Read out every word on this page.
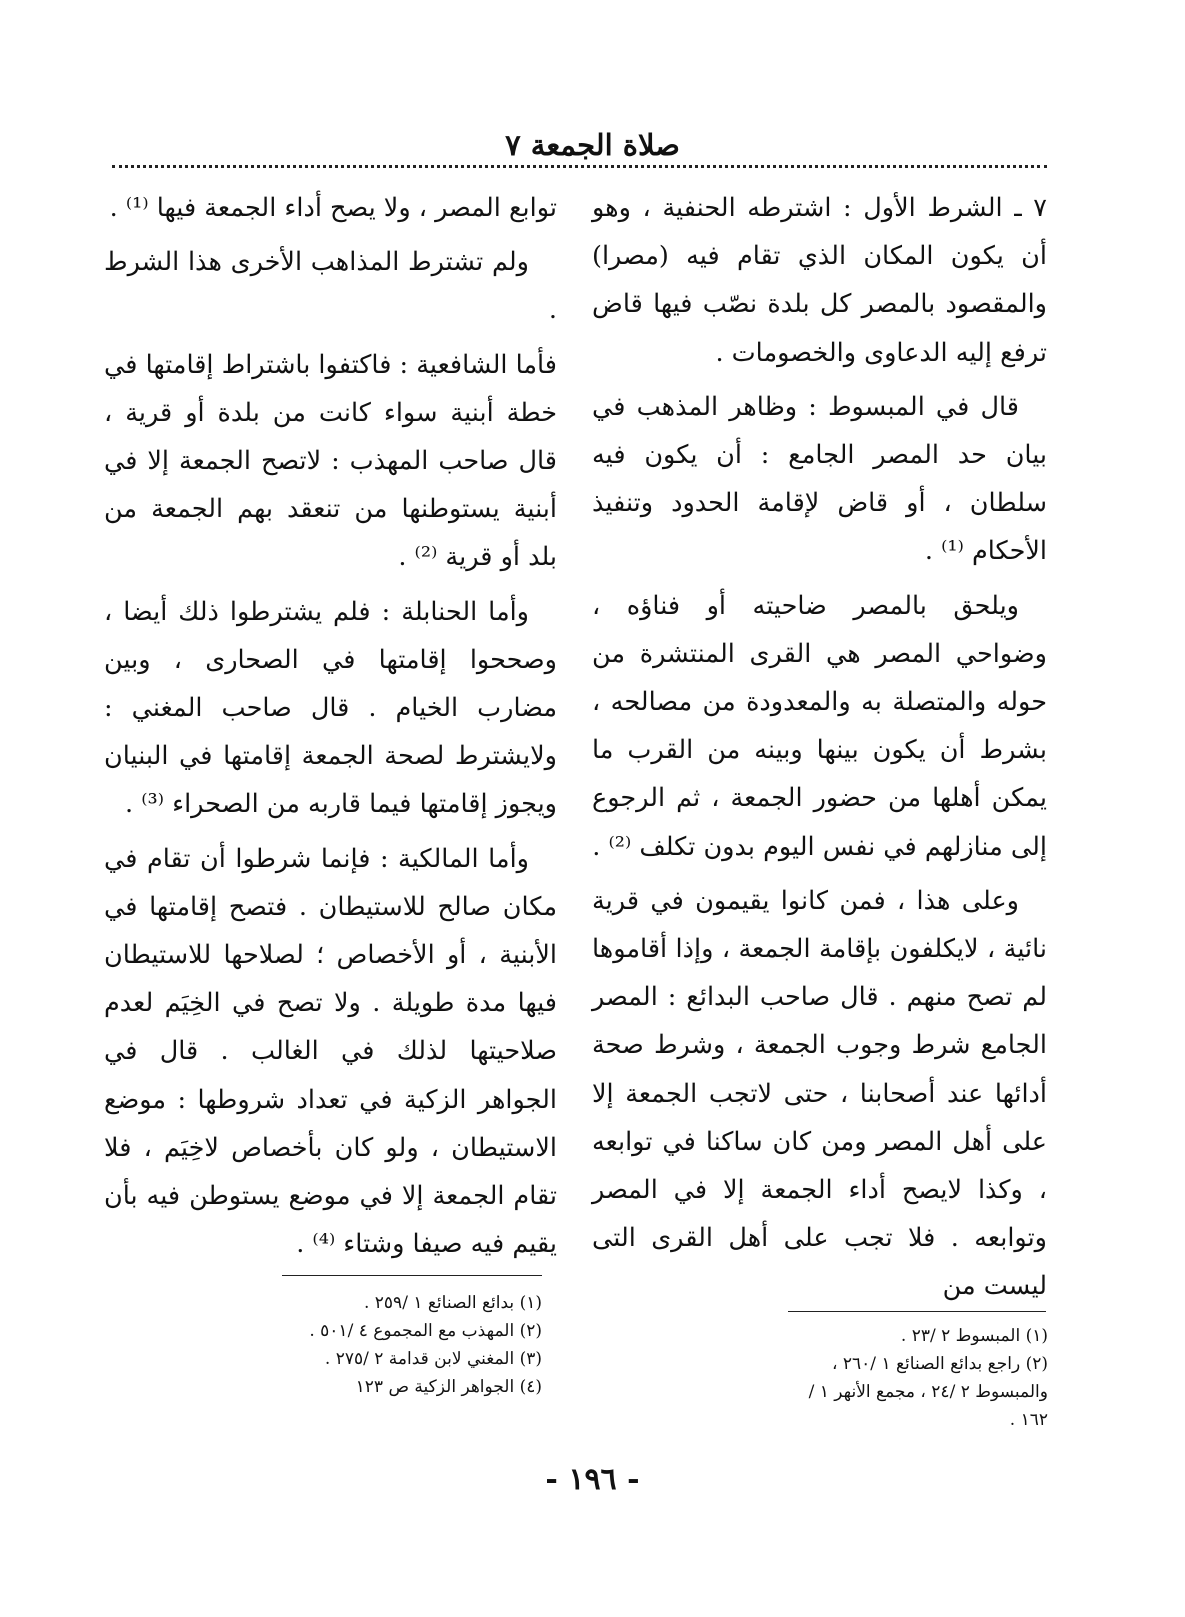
صلاة الجمعة ٧

٧ ـ الشرط الأول : اشترطه الحنفية ، وهو أن يكون المكان الذي تقام فيه (مصرا) والمقصود بالمصر كل بلدة نصّب فيها قاض ترفع إليه الدعاوى والخصومات .

قال في المبسوط : وظاهر المذهب في بيان حد المصر الجامع : أن يكون فيه سلطان ، أو قاض لإقامة الحدود وتنفيذ الأحكام ⁽¹⁾ .

ويلحق بالمصر ضاحيته أو فناؤه ، وضواحي المصر هي القرى المنتشرة من حوله والمتصلة به والمعدودة من مصالحه ، بشرط أن يكون بينها وبينه من القرب ما يمكن أهلها من حضور الجمعة ، ثم الرجوع إلى منازلهم في نفس اليوم بدون تكلف ⁽²⁾ .

وعلى هذا ، فمن كانوا يقيمون في قرية نائية ، لايكلفون بإقامة الجمعة ، وإذا أقاموها لم تصح منهم . قال صاحب البدائع : المصر الجامع شرط وجوب الجمعة ، وشرط صحة أدائها عند أصحابنا ، حتى لاتجب الجمعة إلا على أهل المصر ومن كان ساكنا في توابعه ، وكذا لايصح أداء الجمعة إلا في المصر وتوابعه . فلا تجب على أهل القرى التى ليست من

توابع المصر ، ولا يصح أداء الجمعة فيها ⁽¹⁾ .

ولم تشترط المذاهب الأخرى هذا الشرط .

فأما الشافعية : فاكتفوا باشتراط إقامتها في خطة أبنية سواء كانت من بلدة أو قرية ، قال صاحب المهذب : لاتصح الجمعة إلا في أبنية يستوطنها من تنعقد بهم الجمعة من بلد أو قرية ⁽²⁾ .

وأما الحنابلة : فلم يشترطوا ذلك أيضا ، وصححوا إقامتها في الصحارى ، وبين مضارب الخيام . قال صاحب المغني : ولايشترط لصحة الجمعة إقامتها في البنيان ويجوز إقامتها فيما قاربه من الصحراء ⁽³⁾ .

وأما المالكية : فإنما شرطوا أن تقام في مكان صالح للاستيطان . فتصح إقامتها في الأبنية ، أو الأخصاص ؛ لصلاحها للاستيطان فيها مدة طويلة . ولا تصح في الخِيَم لعدم صلاحيتها لذلك في الغالب . قال في الجواهر الزكية في تعداد شروطها : موضع الاستيطان ، ولو كان بأخصاص لاخِيَم ، فلا تقام الجمعة إلا في موضع يستوطن فيه بأن يقيم فيه صيفا وشتاء ⁽⁴⁾ .

(١) المبسوط ٢ /٢٣ .

(٢) راجع بدائع الصنائع ١ /٢٦٠ ، والمبسوط ٢ /٢٤ ، مجمع الأنهر ١ /١٦٢ .

(١) بدائع الصنائع ١ /٢٥٩ .

(٢) المهذب مع المجموع ٤ /٥٠١ .

(٣) المغني لابن قدامة ٢ /٢٧٥ .

(٤) الجواهر الزكية ص ١٢٣

- ١٩٦ -
